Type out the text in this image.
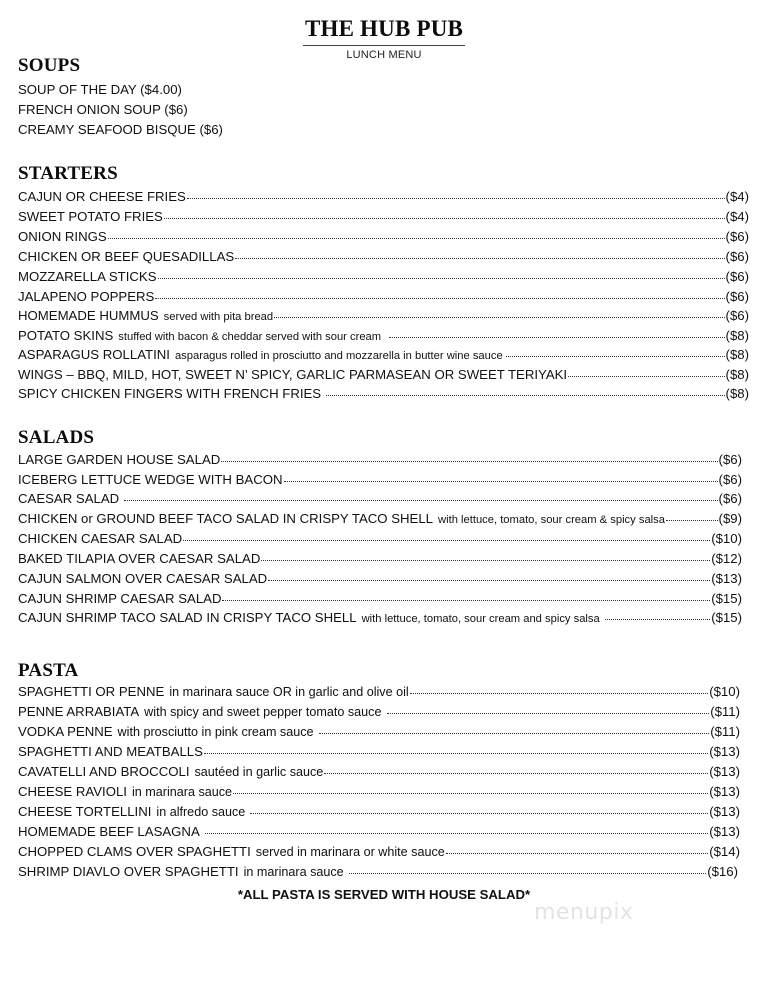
THE HUB PUB
LUNCH MENU
SOUPS
SOUP OF THE DAY ($4.00)
FRENCH ONION SOUP ($6)
CREAMY SEAFOOD BISQUE ($6)
STARTERS
CAJUN OR CHEESE FRIES	($4)
SWEET POTATO FRIES	($4)
ONION RINGS	($6)
CHICKEN OR BEEF QUESADILLAS	($6)
MOZZARELLA STICKS	($6)
JALAPENO POPPERS	($6)
HOMEMADE HUMMUS served with pita bread	($6)
POTATO SKINS stuffed with bacon & cheddar served with sour cream	($8)
ASPARAGUS ROLLATINI asparagus rolled in prosciutto and mozzarella in butter wine sauce	($8)
WINGS – BBQ, MILD, HOT, SWEET N’ SPICY, GARLIC PARMASEAN OR SWEET TERIYAKI	($8)
SPICY CHICKEN FINGERS WITH FRENCH FRIES	($8)
SALADS
LARGE GARDEN HOUSE SALAD	($6)
ICEBERG LETTUCE WEDGE WITH BACON	($6)
CAESAR SALAD	($6)
CHICKEN or GROUND BEEF TACO SALAD IN CRISPY TACO SHELL with lettuce, tomato, sour cream & spicy salsa	($9)
CHICKEN CAESAR SALAD	($10)
BAKED TILAPIA OVER CAESAR SALAD	($12)
CAJUN SALMON OVER CAESAR SALAD	($13)
CAJUN SHRIMP CAESAR SALAD	($15)
CAJUN SHRIMP TACO SALAD IN CRISPY TACO SHELL with lettuce, tomato, sour cream and spicy salsa	($15)
PASTA
SPAGHETTI OR PENNE in marinara sauce OR in garlic and olive oil	($10)
PENNE ARRABIATA with spicy and sweet pepper tomato sauce	($11)
VODKA PENNE with prosciutto in pink cream sauce	($11)
SPAGHETTI AND MEATBALLS	($13)
CAVATELLI AND BROCCOLI sautéed in garlic sauce	($13)
CHEESE RAVIOLI in marinara sauce	($13)
CHEESE TORTELLINI in alfredo sauce	($13)
HOMEMADE BEEF LASAGNA	($13)
CHOPPED CLAMS OVER SPAGHETTI served in marinara or white sauce	($14)
SHRIMP DIAVLO OVER SPAGHETTI in marinara sauce	($16)
*ALL PASTA IS SERVED WITH HOUSE SALAD*
menupix
